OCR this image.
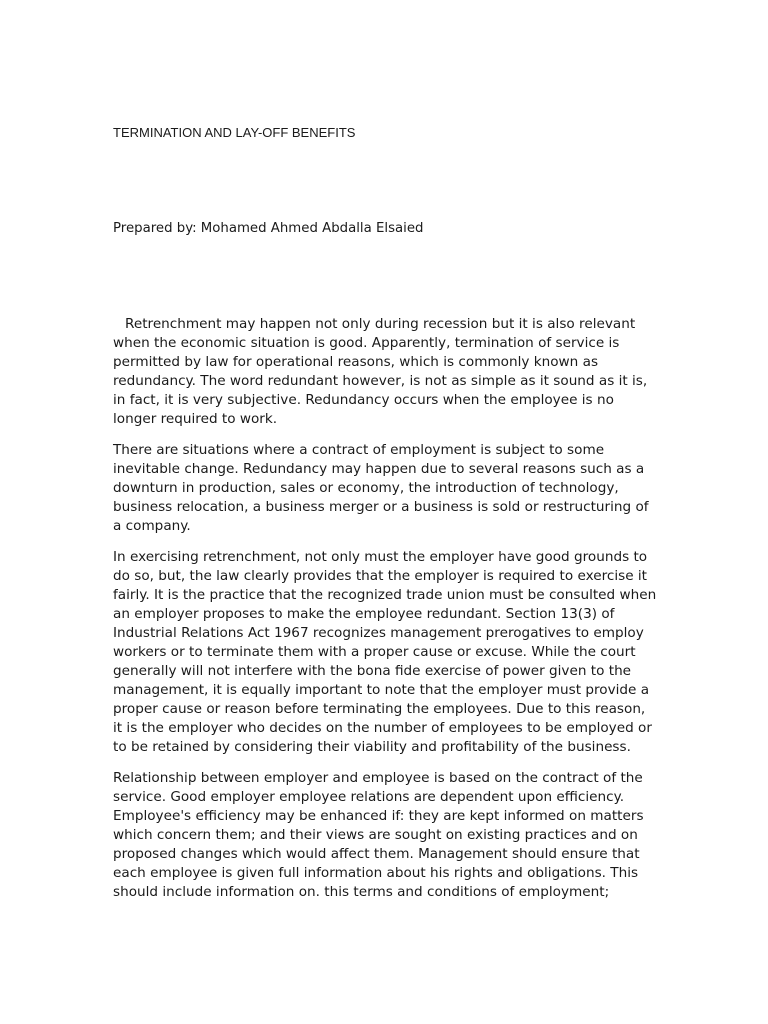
TERMINATION AND LAY-OFF BENEFITS
Prepared by: Mohamed Ahmed Abdalla Elsaied

Retrenchment may happen not only during recession but it is also relevant when the economic situation is good. Apparently, termination of service is permitted by law for operational reasons, which is commonly known as redundancy. The word redundant however, is not as simple as it sound as it is, in fact, it is very subjective. Redundancy occurs when the employee is no longer required to work.

There are situations where a contract of employment is subject to some inevitable change. Redundancy may happen due to several reasons such as a downturn in production, sales or economy, the introduction of technology, business relocation, a business merger or a business is sold or restructuring of a company.

In exercising retrenchment, not only must the employer have good grounds to do so, but, the law clearly provides that the employer is required to exercise it fairly. It is the practice that the recognized trade union must be consulted when an employer proposes to make the employee redundant. Section 13(3) of Industrial Relations Act 1967 recognizes management prerogatives to employ workers or to terminate them with a proper cause or excuse. While the court generally will not interfere with the bona fide exercise of power given to the management, it is equally important to note that the employer must provide a proper cause or reason before terminating the employees. Due to this reason, it is the employer who decides on the number of employees to be employed or to be retained by considering their viability and profitability of the business.

Relationship between employer and employee is based on the contract of the service. Good employer employee relations are dependent upon efficiency. Employee's efficiency may be enhanced if: they are kept informed on matters which concern them; and their views are sought on existing practices and on proposed changes which would affect them. Management should ensure that each employee is given full information about his rights and obligations. This should include information on. this terms and conditions of employment;
